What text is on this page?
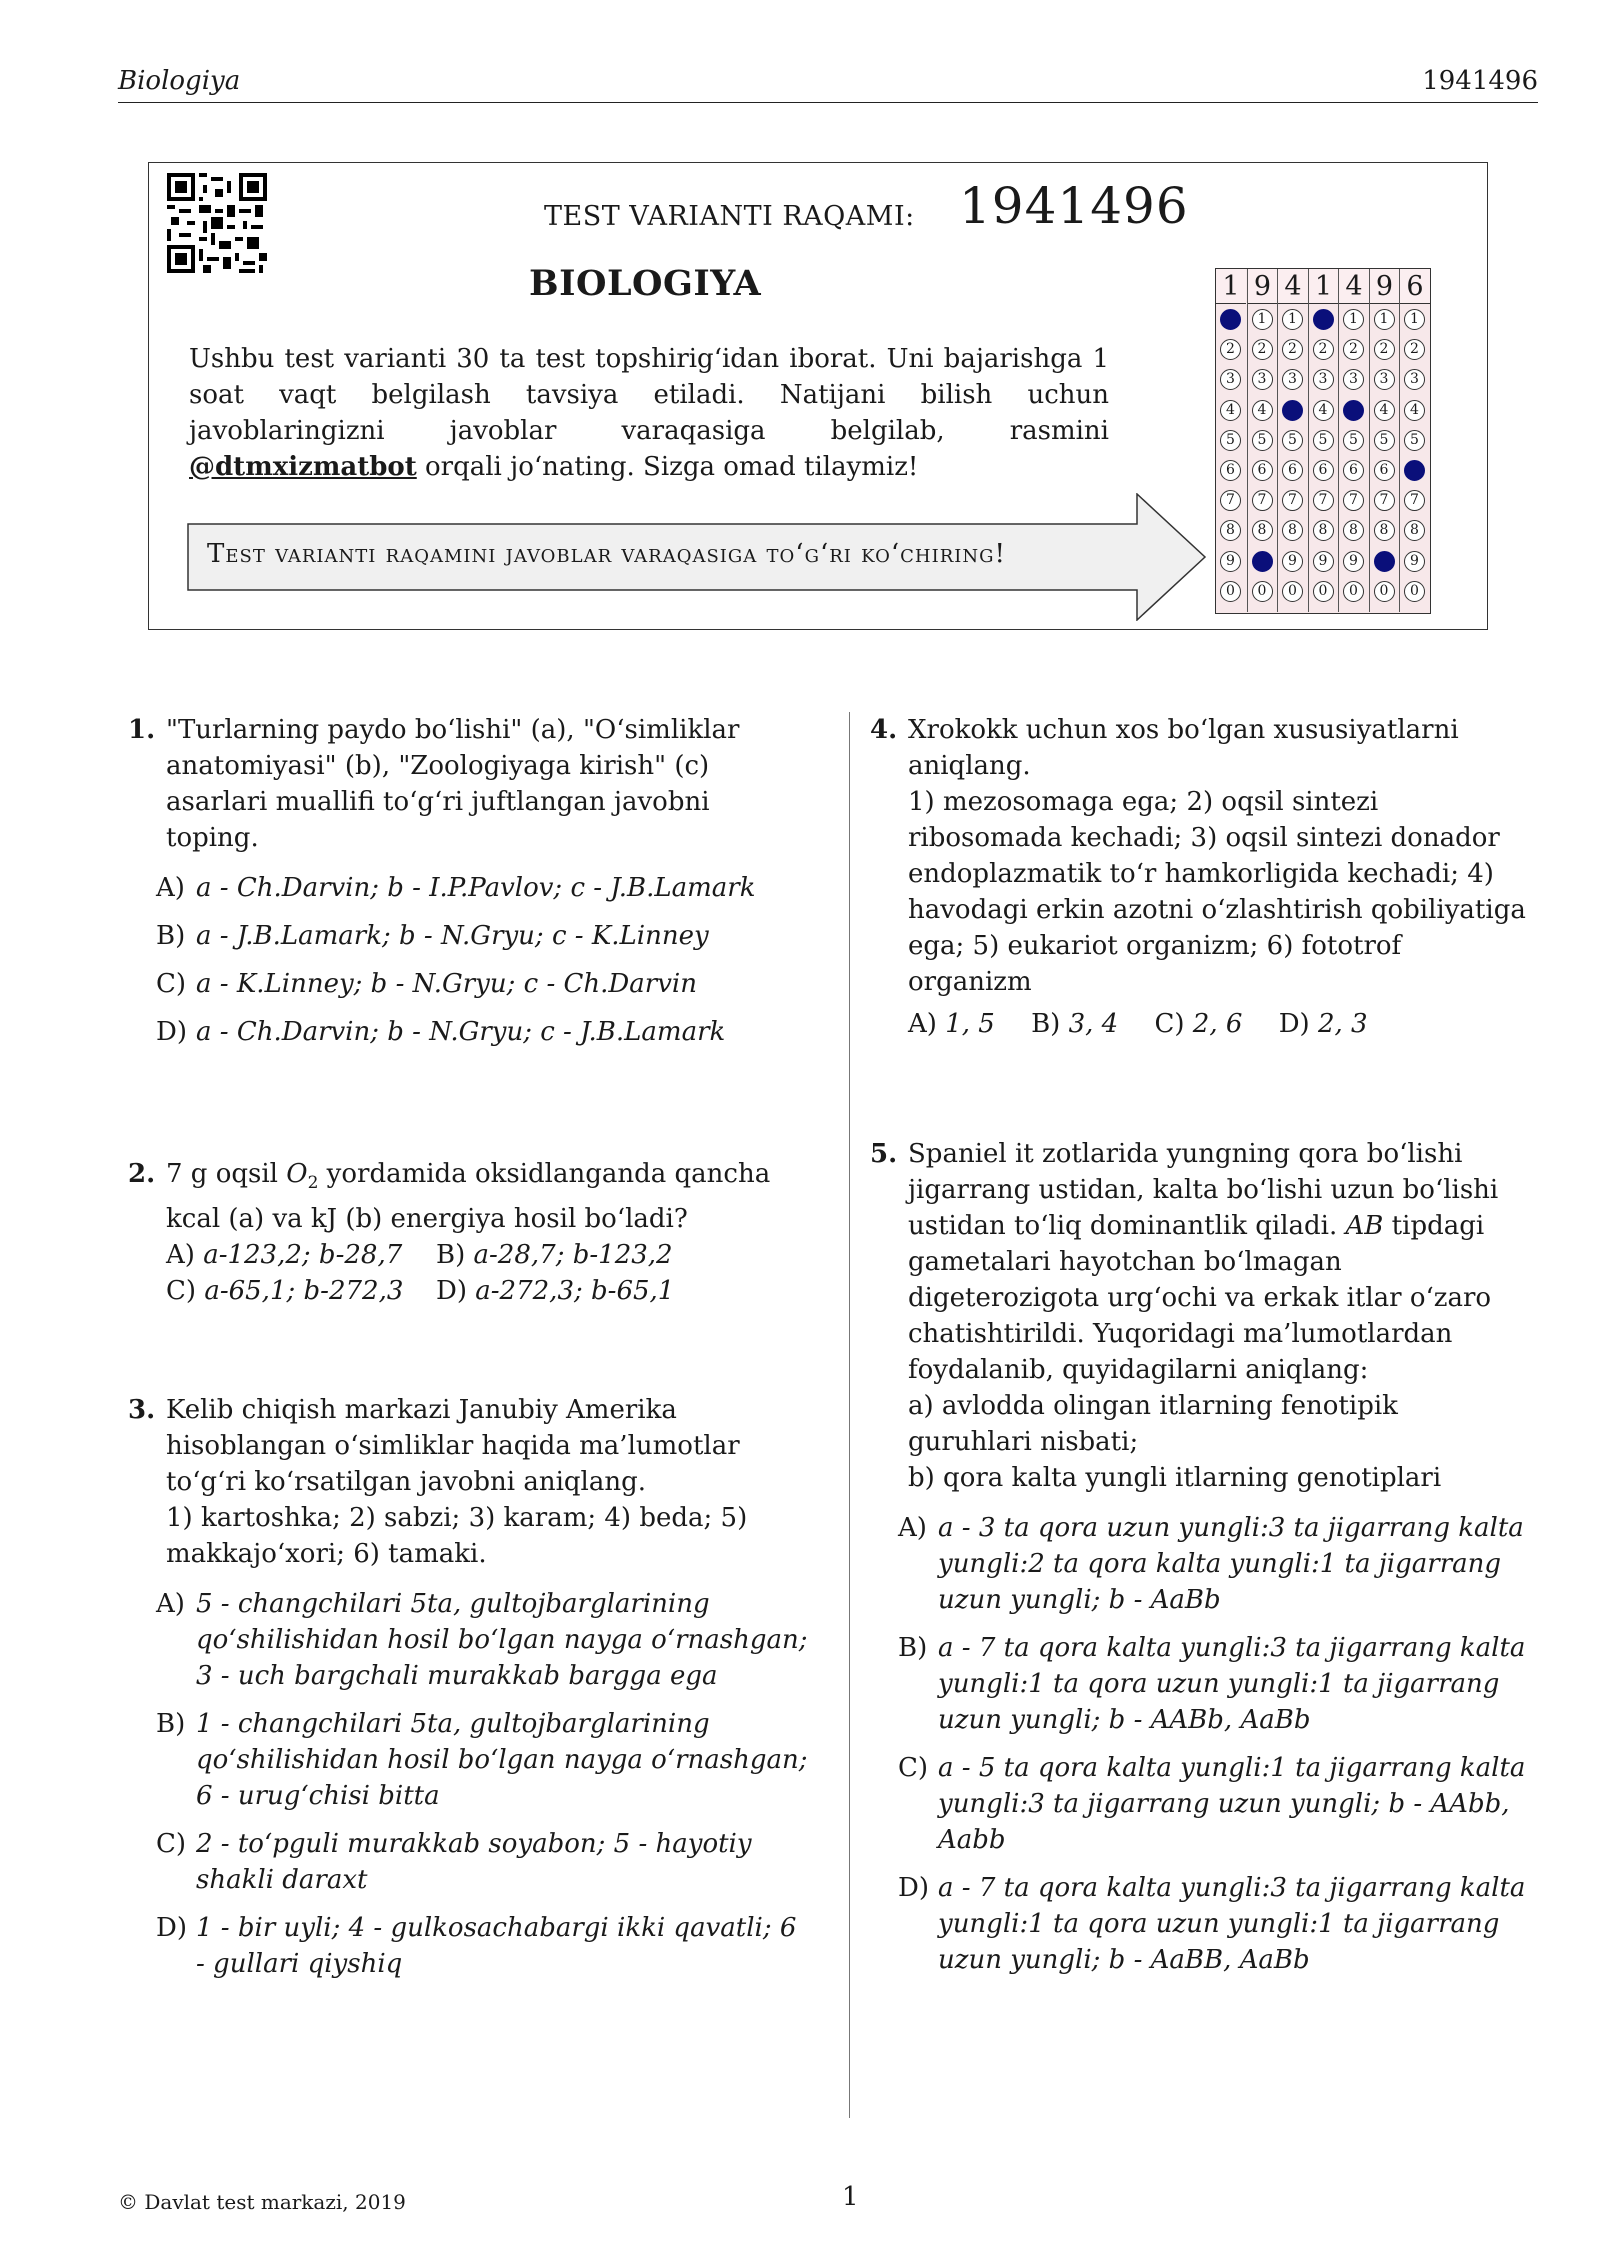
Biologiya	1941496
TEST VARIANTI RAQAMI: 1941496
BIOLOGIYA
Ushbu test varianti 30 ta test topshirig‘idan iborat. Uni bajarishga 1 soat vaqt belgilash tavsiya etiladi. Natijani bilish uchun javoblaringizni javoblar varaqasiga belgilab, rasmini @dtmxizmatbot orqali jo‘nating. Sizga omad tilaymiz!
Test varianti raqamini javoblar varaqasiga to‘g‘ri ko‘chiring!
1
2
3
4
5
6
7
8
9
0
9
1
2
3
4
5
6
7
8
0
4
1
2
3
5
6
7
8
9
0
1
2
3
4
5
6
7
8
9
0
4
1
2
3
5
6
7
8
9
0
9
1
2
3
4
5
6
7
8
0
6
1
2
3
4
5
7
8
9
0
1. "Turlarning paydo bo‘lishi" (a), "O‘simliklar anatomiyasi" (b), "Zoologiyaga kirish" (c) asarlari muallifi to‘g‘ri juftlangan javobni toping.
A) a - Ch.Darvin; b - I.P.Pavlov; c - J.B.Lamark
B) a - J.B.Lamark; b - N.Gryu; c - K.Linney
C) a - K.Linney; b - N.Gryu; c - Ch.Darvin
D) a - Ch.Darvin; b - N.Gryu; c - J.B.Lamark
2. 7 g oqsil $O_2$ yordamida oksidlanganda qancha kcal (a) va kJ (b) energiya hosil bo‘ladi?
A) a-123,2; b-28,7 B) a-28,7; b-123,2
C) a-65,1; b-272,3 D) a-272,3; b-65,1
3. Kelib chiqish markazi Janubiy Amerika hisoblangan o‘simliklar haqida ma’lumotlar to‘g‘ri ko‘rsatilgan javobni aniqlang.
1) kartoshka; 2) sabzi; 3) karam; 4) beda; 5) makkajo‘xori; 6) tamaki.
A) 5 - changchilari 5ta, gultojbarglarining qo‘shilishidan hosil bo‘lgan nayga o‘rnashgan; 3 - uch bargchali murakkab bargga ega
B) 1 - changchilari 5ta, gultojbarglarining qo‘shilishidan hosil bo‘lgan nayga o‘rnashgan; 6 - urug‘chisi bitta
C) 2 - to‘pguli murakkab soyabon; 5 - hayotiy shakli daraxt
D) 1 - bir uyli; 4 - gulkosachabargi ikki qavatli; 6 - gullari qiyshiq
4. Xrokokk uchun xos bo‘lgan xususiyatlarni aniqlang.
1) mezosomaga ega; 2) oqsil sintezi ribosomada kechadi; 3) oqsil sintezi donador endoplazmatik to‘r hamkorligida kechadi; 4) havodagi erkin azotni o‘zlashtirish qobiliyatiga ega; 5) eukariot organizm; 6) fototrof organizm
A) 1, 5 B) 3, 4 C) 2, 6 D) 2, 3
5. Spaniel it zotlarida yungning qora bo‘lishi jigarrang ustidan, kalta bo‘lishi uzun bo‘lishi ustidan to‘liq dominantlik qiladi. AB tipdagi gametalari hayotchan bo‘lmagan digeterozigota urg‘ochi va erkak itlar o‘zaro chatishtirildi. Yuqoridagi ma’lumotlardan foydalanib, quyidagilarni aniqlang:
a) avlodda olingan itlarning fenotipik guruhlari nisbati;
b) qora kalta yungli itlarning genotiplari
A) a - 3 ta qora uzun yungli:3 ta jigarrang kalta yungli:2 ta qora kalta yungli:1 ta jigarrang uzun yungli; b - AaBb
B) a - 7 ta qora kalta yungli:3 ta jigarrang kalta yungli:1 ta qora uzun yungli:1 ta jigarrang uzun yungli; b - AABb, AaBb
C) a - 5 ta qora kalta yungli:1 ta jigarrang kalta yungli:3 ta jigarrang uzun yungli; b - AAbb, Aabb
D) a - 7 ta qora kalta yungli:3 ta jigarrang kalta yungli:1 ta qora uzun yungli:1 ta jigarrang uzun yungli; b - AaBB, AaBb
© Davlat test markazi, 2019	1
